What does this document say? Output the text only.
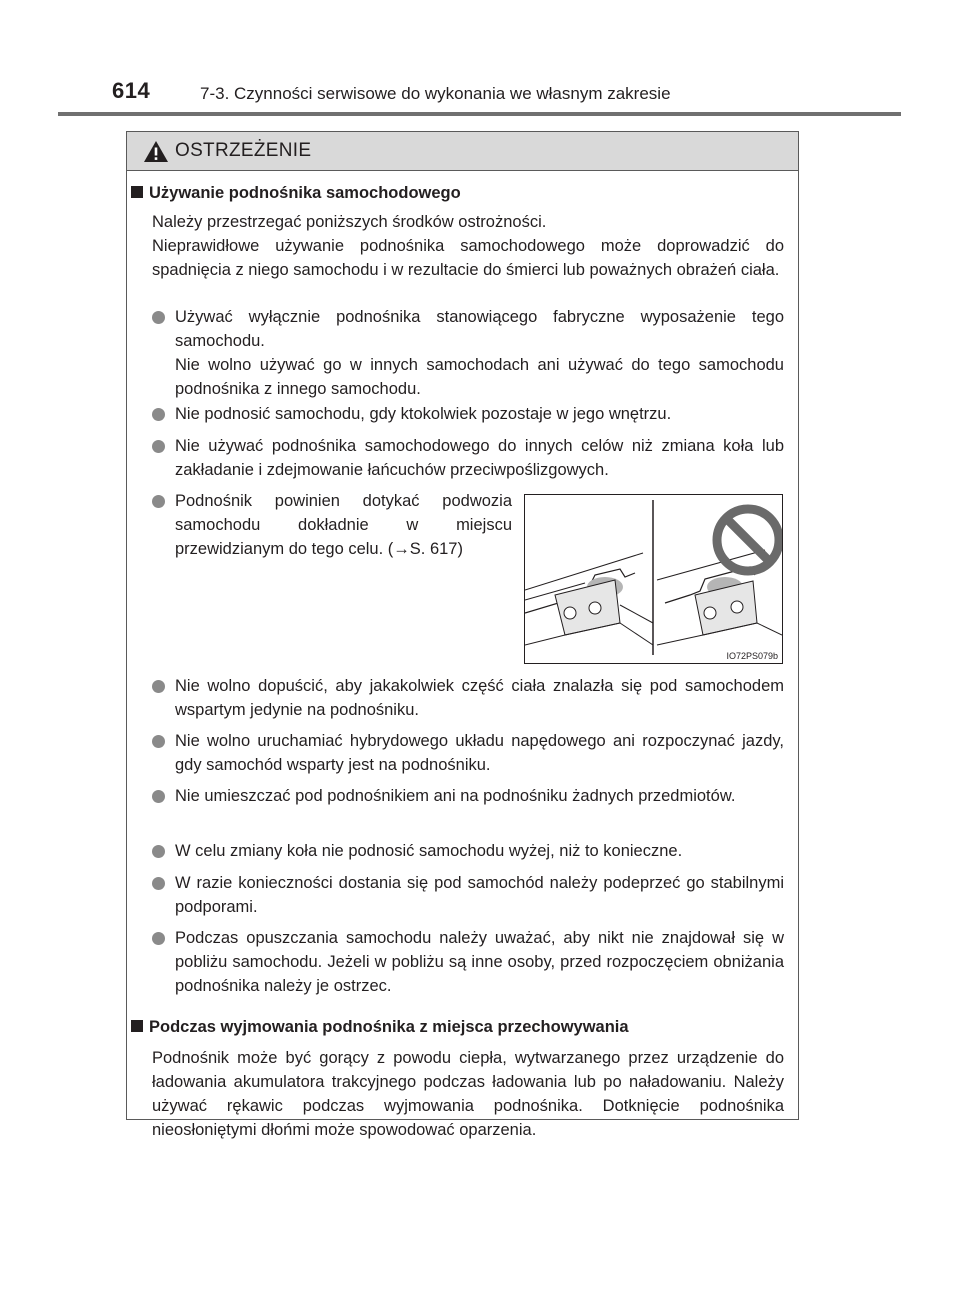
614	7-3. Czynności serwisowe do wykonania we własnym zakresie
OSTRZEŻENIE
Używanie podnośnika samochodowego
Należy przestrzegać poniższych środków ostrożności.
Nieprawidłowe używanie podnośnika samochodowego może doprowadzić do spadnięcia z niego samochodu i w rezultacie do śmierci lub poważnych obrażeń ciała.
Używać wyłącznie podnośnika stanowiącego fabryczne wyposażenie tego samochodu.
Nie wolno używać go w innych samochodach ani używać do tego samochodu podnośnika z innego samochodu.
Nie podnosić samochodu, gdy ktokolwiek pozostaje w jego wnętrzu.
Nie używać podnośnika samochodowego do innych celów niż zmiana koła lub zakładanie i zdejmowanie łańcuchów przeciwpoślizgowych.
Podnośnik powinien dotykać podwozia samochodu dokładnie w miejscu przewidzianym do tego celu. (→S. 617)
IO72PS079b
Nie wolno dopuścić, aby jakakolwiek część ciała znalazła się pod samochodem wspartym jedynie na podnośniku.
Nie wolno uruchamiać hybrydowego układu napędowego ani rozpoczynać jazdy, gdy samochód wsparty jest na podnośniku.
Nie umieszczać pod podnośnikiem ani na podnośniku żadnych przedmiotów.
W celu zmiany koła nie podnosić samochodu wyżej, niż to konieczne.
W razie konieczności dostania się pod samochód należy podeprzeć go stabilnymi podporami.
Podczas opuszczania samochodu należy uważać, aby nikt nie znajdował się w pobliżu samochodu. Jeżeli w pobliżu są inne osoby, przed rozpoczęciem obniżania podnośnika należy je ostrzec.
Podczas wyjmowania podnośnika z miejsca przechowywania
Podnośnik może być gorący z powodu ciepła, wytwarzanego przez urządzenie do ładowania akumulatora trakcyjnego podczas ładowania lub po naładowaniu. Należy używać rękawic podczas wyjmowania podnośnika. Dotknięcie podnośnika nieosłoniętymi dłońmi może spowodować oparzenia.
